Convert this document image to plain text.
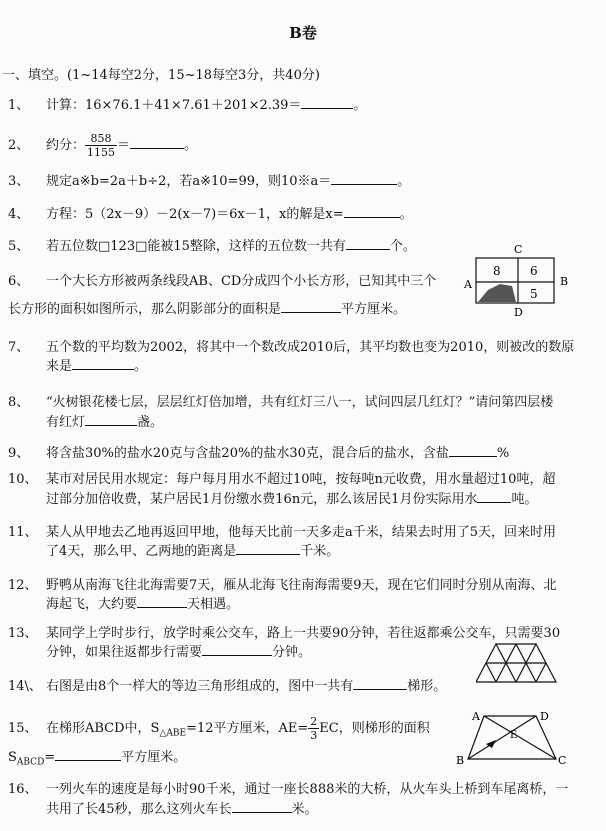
B卷
一、填空。(1~14每空2分，15~18每空3分，共40分)
1、 计算：16×76.1＋41×7.61＋201×2.39＝	。
2、 约分： $\frac{858}{1155}$ ＝	。
3、 规定a※b=2a＋b÷2，若a※10=99，则10※a＝	。
4、 方程：5（2x－9）－2(x－7)＝6x－1，x的解是x=	。
5、 若五位数□123□能被15整除，这样的五位数一共有	个。
6、 一个大长方形被两条线段AB、CD分成四个小长方形，已知其中三个
长方形的面积如图所示，那么阴影部分的面积是	平方厘米。
A	B
C
D
8 6
5
7、 五个数的平均数为2002，将其中一个数改成2010后，其平均数也变为2010，则被改的数原
来是	。
8、 “火树银花楼七层，层层红灯倍加增，共有红灯三八一，试问四层几红灯？”请问第四层楼
有红灯	盏。
9、 将含盐30%的盐水20克与含盐20%的盐水30克，混合后的盐水，含盐	%
10、 某市对居民用水规定：每户每月用水不超过10吨，按每吨n元收费，用水量超过10吨，超
过部分加倍收费，某户居民1月份缴水费16n元，那么该居民1月份实际用水	吨。
11、 某人从甲地去乙地再返回甲地，他每天比前一天多走a千米，结果去时用了5天，回来时用
了4天，那么甲、乙两地的距离是	千米。
12、 野鸭从南海飞往北海需要7天，雁从北海飞往南海需要9天，现在它们同时分别从南海、北
海起飞，大约要	天相遇。
13、 某同学上学时步行，放学时乘公交车，路上一共要90分钟，若往返都乘公交车，只需要30
分钟，如果往返都步行需要	分钟。
14\、 右图是由8个一样大的等边三角形组成的，图中一共有	梯形。
15、 在梯形ABCD中，$S_{\triangle ABE}=12$平方厘米，$AE= \frac{2}{3}$ EC，则梯形的面积
$S_{ABCD}=$	平方厘米。
A
B	C
D
E
16、 一列火车的速度是每小时90千米，通过一座长888米的大桥，从火车头上桥到车尾离桥，一
共用了长45秒，那么这列火车长	米。
